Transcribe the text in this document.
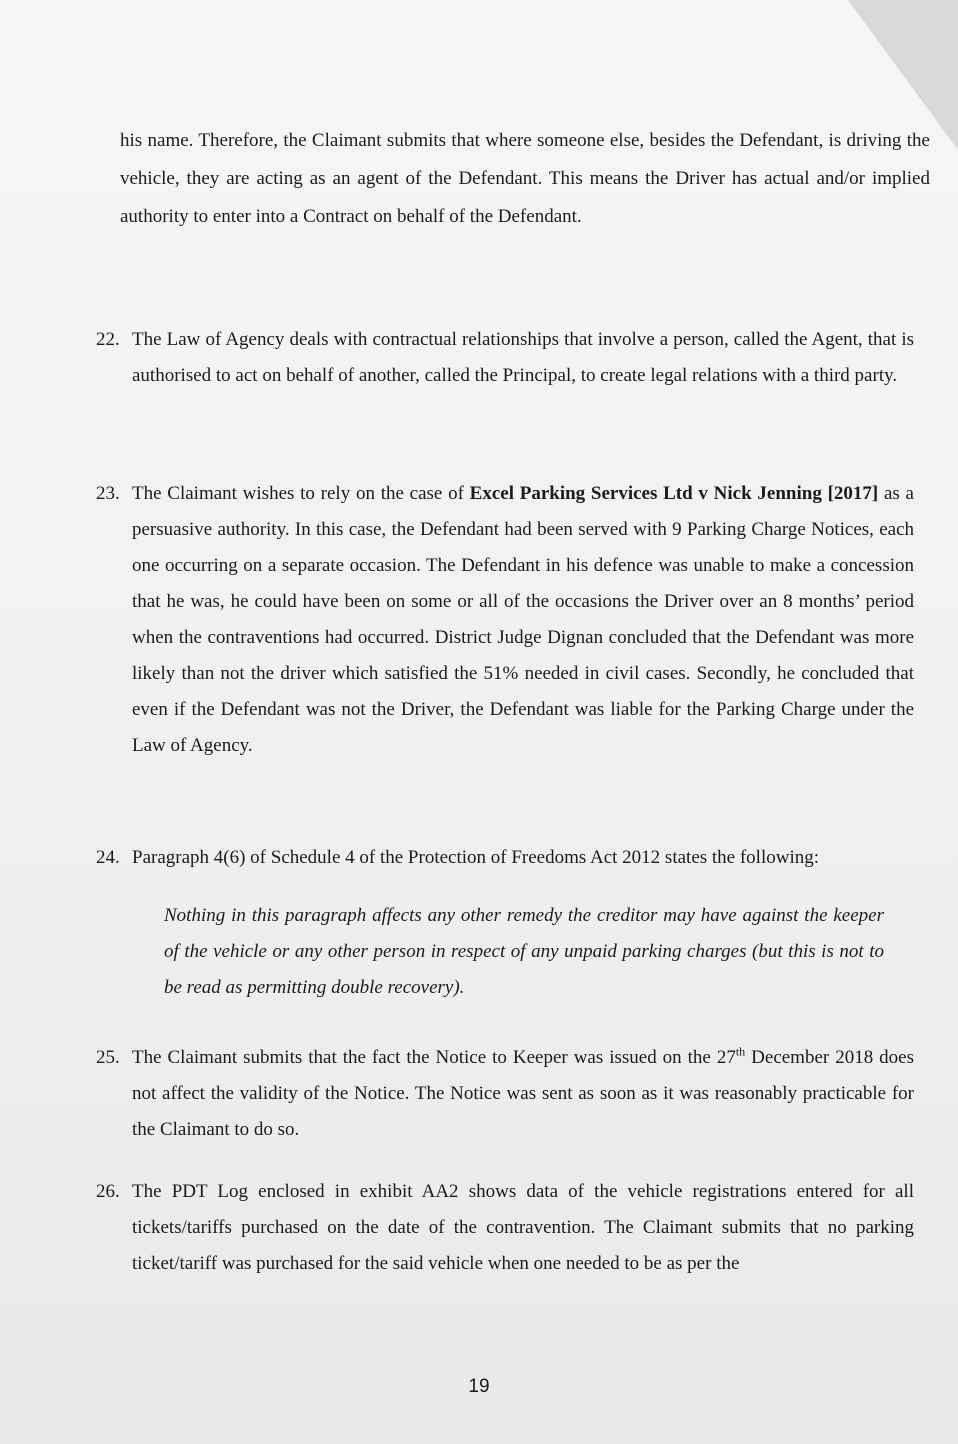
his name. Therefore, the Claimant submits that where someone else, besides the Defendant, is driving the vehicle, they are acting as an agent of the Defendant. This means the Driver has actual and/or implied authority to enter into a Contract on behalf of the Defendant.
22. The Law of Agency deals with contractual relationships that involve a person, called the Agent, that is authorised to act on behalf of another, called the Principal, to create legal relations with a third party.
23. The Claimant wishes to rely on the case of Excel Parking Services Ltd v Nick Jenning [2017] as a persuasive authority. In this case, the Defendant had been served with 9 Parking Charge Notices, each one occurring on a separate occasion. The Defendant in his defence was unable to make a concession that he was, he could have been on some or all of the occasions the Driver over an 8 months’ period when the contraventions had occurred. District Judge Dignan concluded that the Defendant was more likely than not the driver which satisfied the 51% needed in civil cases. Secondly, he concluded that even if the Defendant was not the Driver, the Defendant was liable for the Parking Charge under the Law of Agency.
24. Paragraph 4(6) of Schedule 4 of the Protection of Freedoms Act 2012 states the following:
Nothing in this paragraph affects any other remedy the creditor may have against the keeper of the vehicle or any other person in respect of any unpaid parking charges (but this is not to be read as permitting double recovery).
25. The Claimant submits that the fact the Notice to Keeper was issued on the 27th December 2018 does not affect the validity of the Notice. The Notice was sent as soon as it was reasonably practicable for the Claimant to do so.
26. The PDT Log enclosed in exhibit AA2 shows data of the vehicle registrations entered for all tickets/tariffs purchased on the date of the contravention. The Claimant submits that no parking ticket/tariff was purchased for the said vehicle when one needed to be as per the
19
